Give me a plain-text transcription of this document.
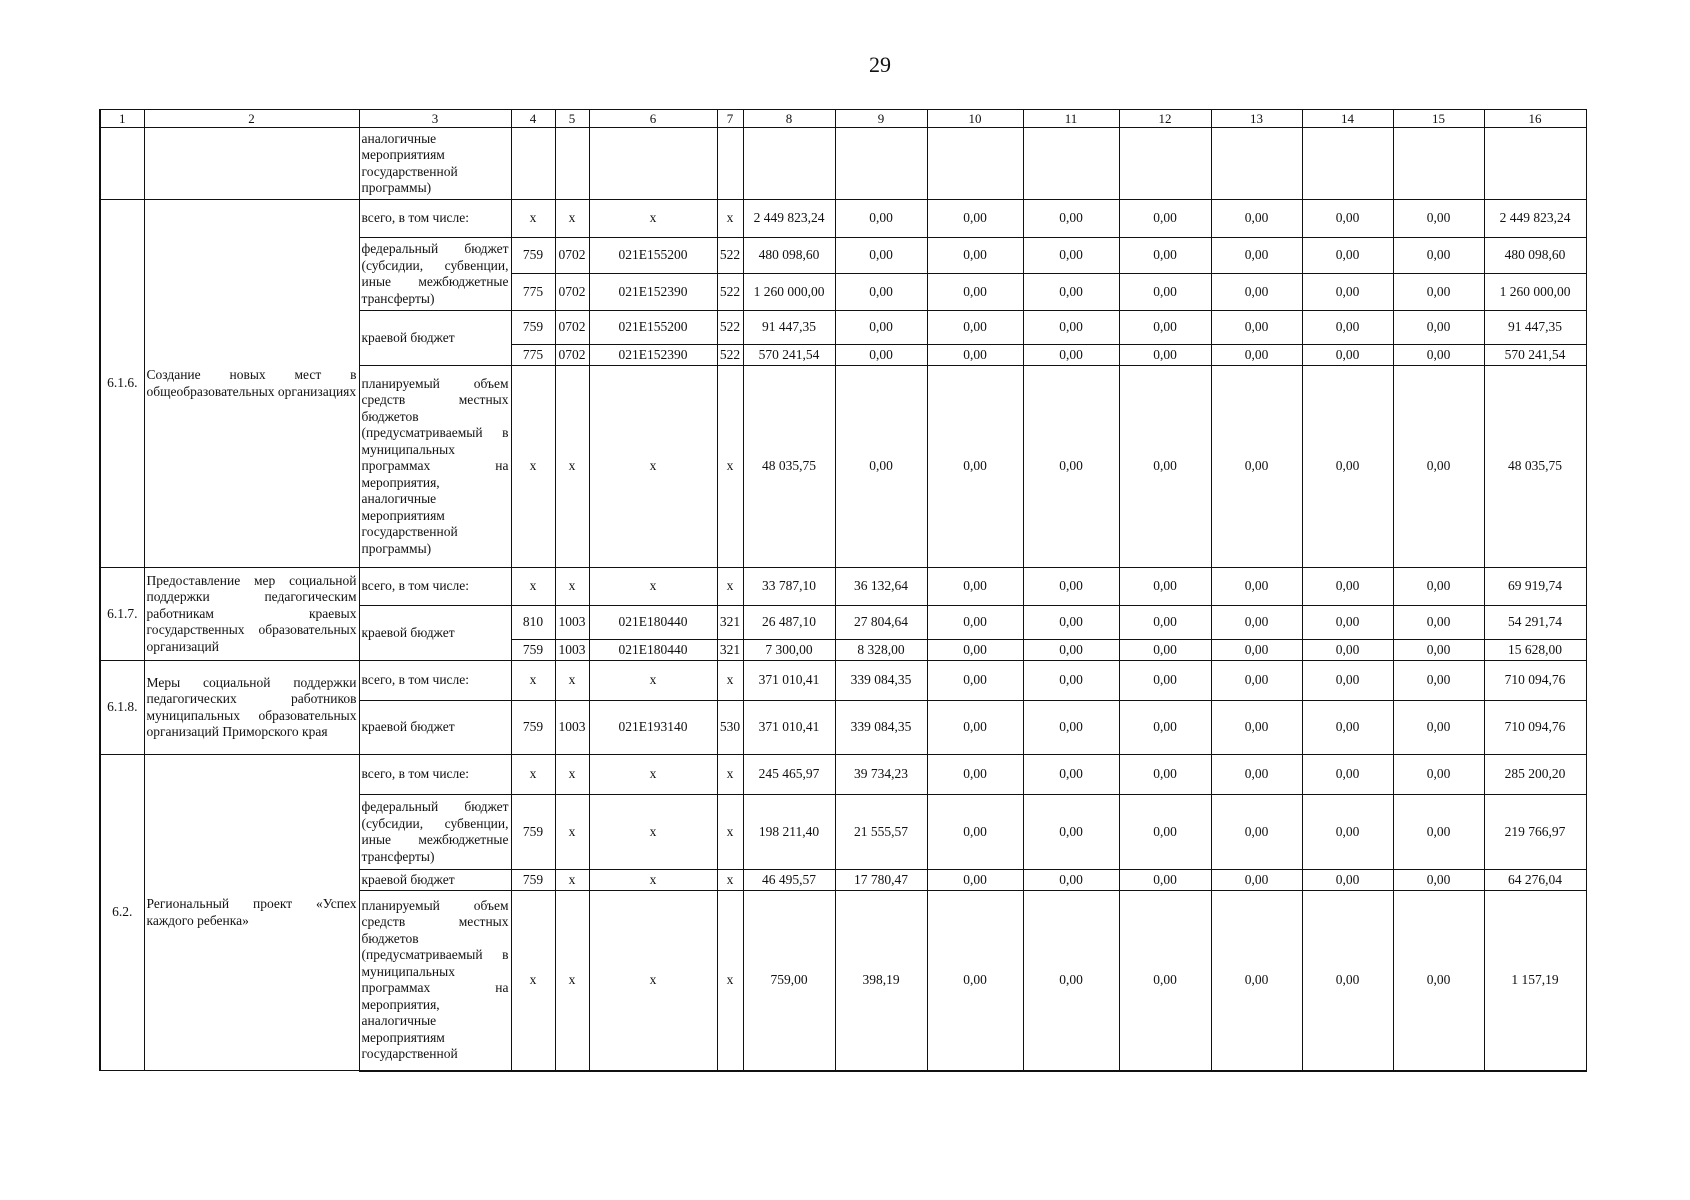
29
1	2	3	4	5	6	7	8	9	10	11	12	13	14	15	16
		аналогичные мероприятиям государственной программы)													
6.1.6.	Создание новых мест в общеобразовательных организациях	всего, в том числе:	x	x	x	x	2 449 823,24	0,00	0,00	0,00	0,00	0,00	0,00	0,00	2 449 823,24
		федеральный бюджет (субсидии, субвенции, иные межбюджетные трансферты)	759	0702	021E155200	522	480 098,60	0,00	0,00	0,00	0,00	0,00	0,00	0,00	480 098,60
			775	0702	021E152390	522	1 260 000,00	0,00	0,00	0,00	0,00	0,00	0,00	0,00	1 260 000,00
		краевой бюджет	759	0702	021E155200	522	91 447,35	0,00	0,00	0,00	0,00	0,00	0,00	0,00	91 447,35
			775	0702	021E152390	522	570 241,54	0,00	0,00	0,00	0,00	0,00	0,00	0,00	570 241,54
		планируемый объем средств местных бюджетов (предусматриваемый в муниципальных программах на мероприятия, аналогичные мероприятиям государственной программы)	x	x	x	x	48 035,75	0,00	0,00	0,00	0,00	0,00	0,00	0,00	48 035,75
6.1.7.	Предоставление мер социальной поддержки педагогическим работникам краевых государственных образовательных организаций	всего, в том числе:	x	x	x	x	33 787,10	36 132,64	0,00	0,00	0,00	0,00	0,00	0,00	69 919,74
		краевой бюджет	810	1003	021E180440	321	26 487,10	27 804,64	0,00	0,00	0,00	0,00	0,00	0,00	54 291,74
			759	1003	021E180440	321	7 300,00	8 328,00	0,00	0,00	0,00	0,00	0,00	0,00	15 628,00
6.1.8.	Меры социальной поддержки педагогических работников муниципальных образовательных организаций Приморского края	всего, в том числе:	x	x	x	x	371 010,41	339 084,35	0,00	0,00	0,00	0,00	0,00	0,00	710 094,76
		краевой бюджет	759	1003	021E193140	530	371 010,41	339 084,35	0,00	0,00	0,00	0,00	0,00	0,00	710 094,76
6.2.	Региональный проект «Успех каждого ребенка»	всего, в том числе:	x	x	x	x	245 465,97	39 734,23	0,00	0,00	0,00	0,00	0,00	0,00	285 200,20
		федеральный бюджет (субсидии, субвенции, иные межбюджетные трансферты)	759	x	x	x	198 211,40	21 555,57	0,00	0,00	0,00	0,00	0,00	0,00	219 766,97
		краевой бюджет	759	x	x	x	46 495,57	17 780,47	0,00	0,00	0,00	0,00	0,00	0,00	64 276,04
		планируемый объем средств местных бюджетов (предусматриваемый в муниципальных программах на мероприятия, аналогичные мероприятиям государственной	x	x	x	x	759,00	398,19	0,00	0,00	0,00	0,00	0,00	0,00	1 157,19
